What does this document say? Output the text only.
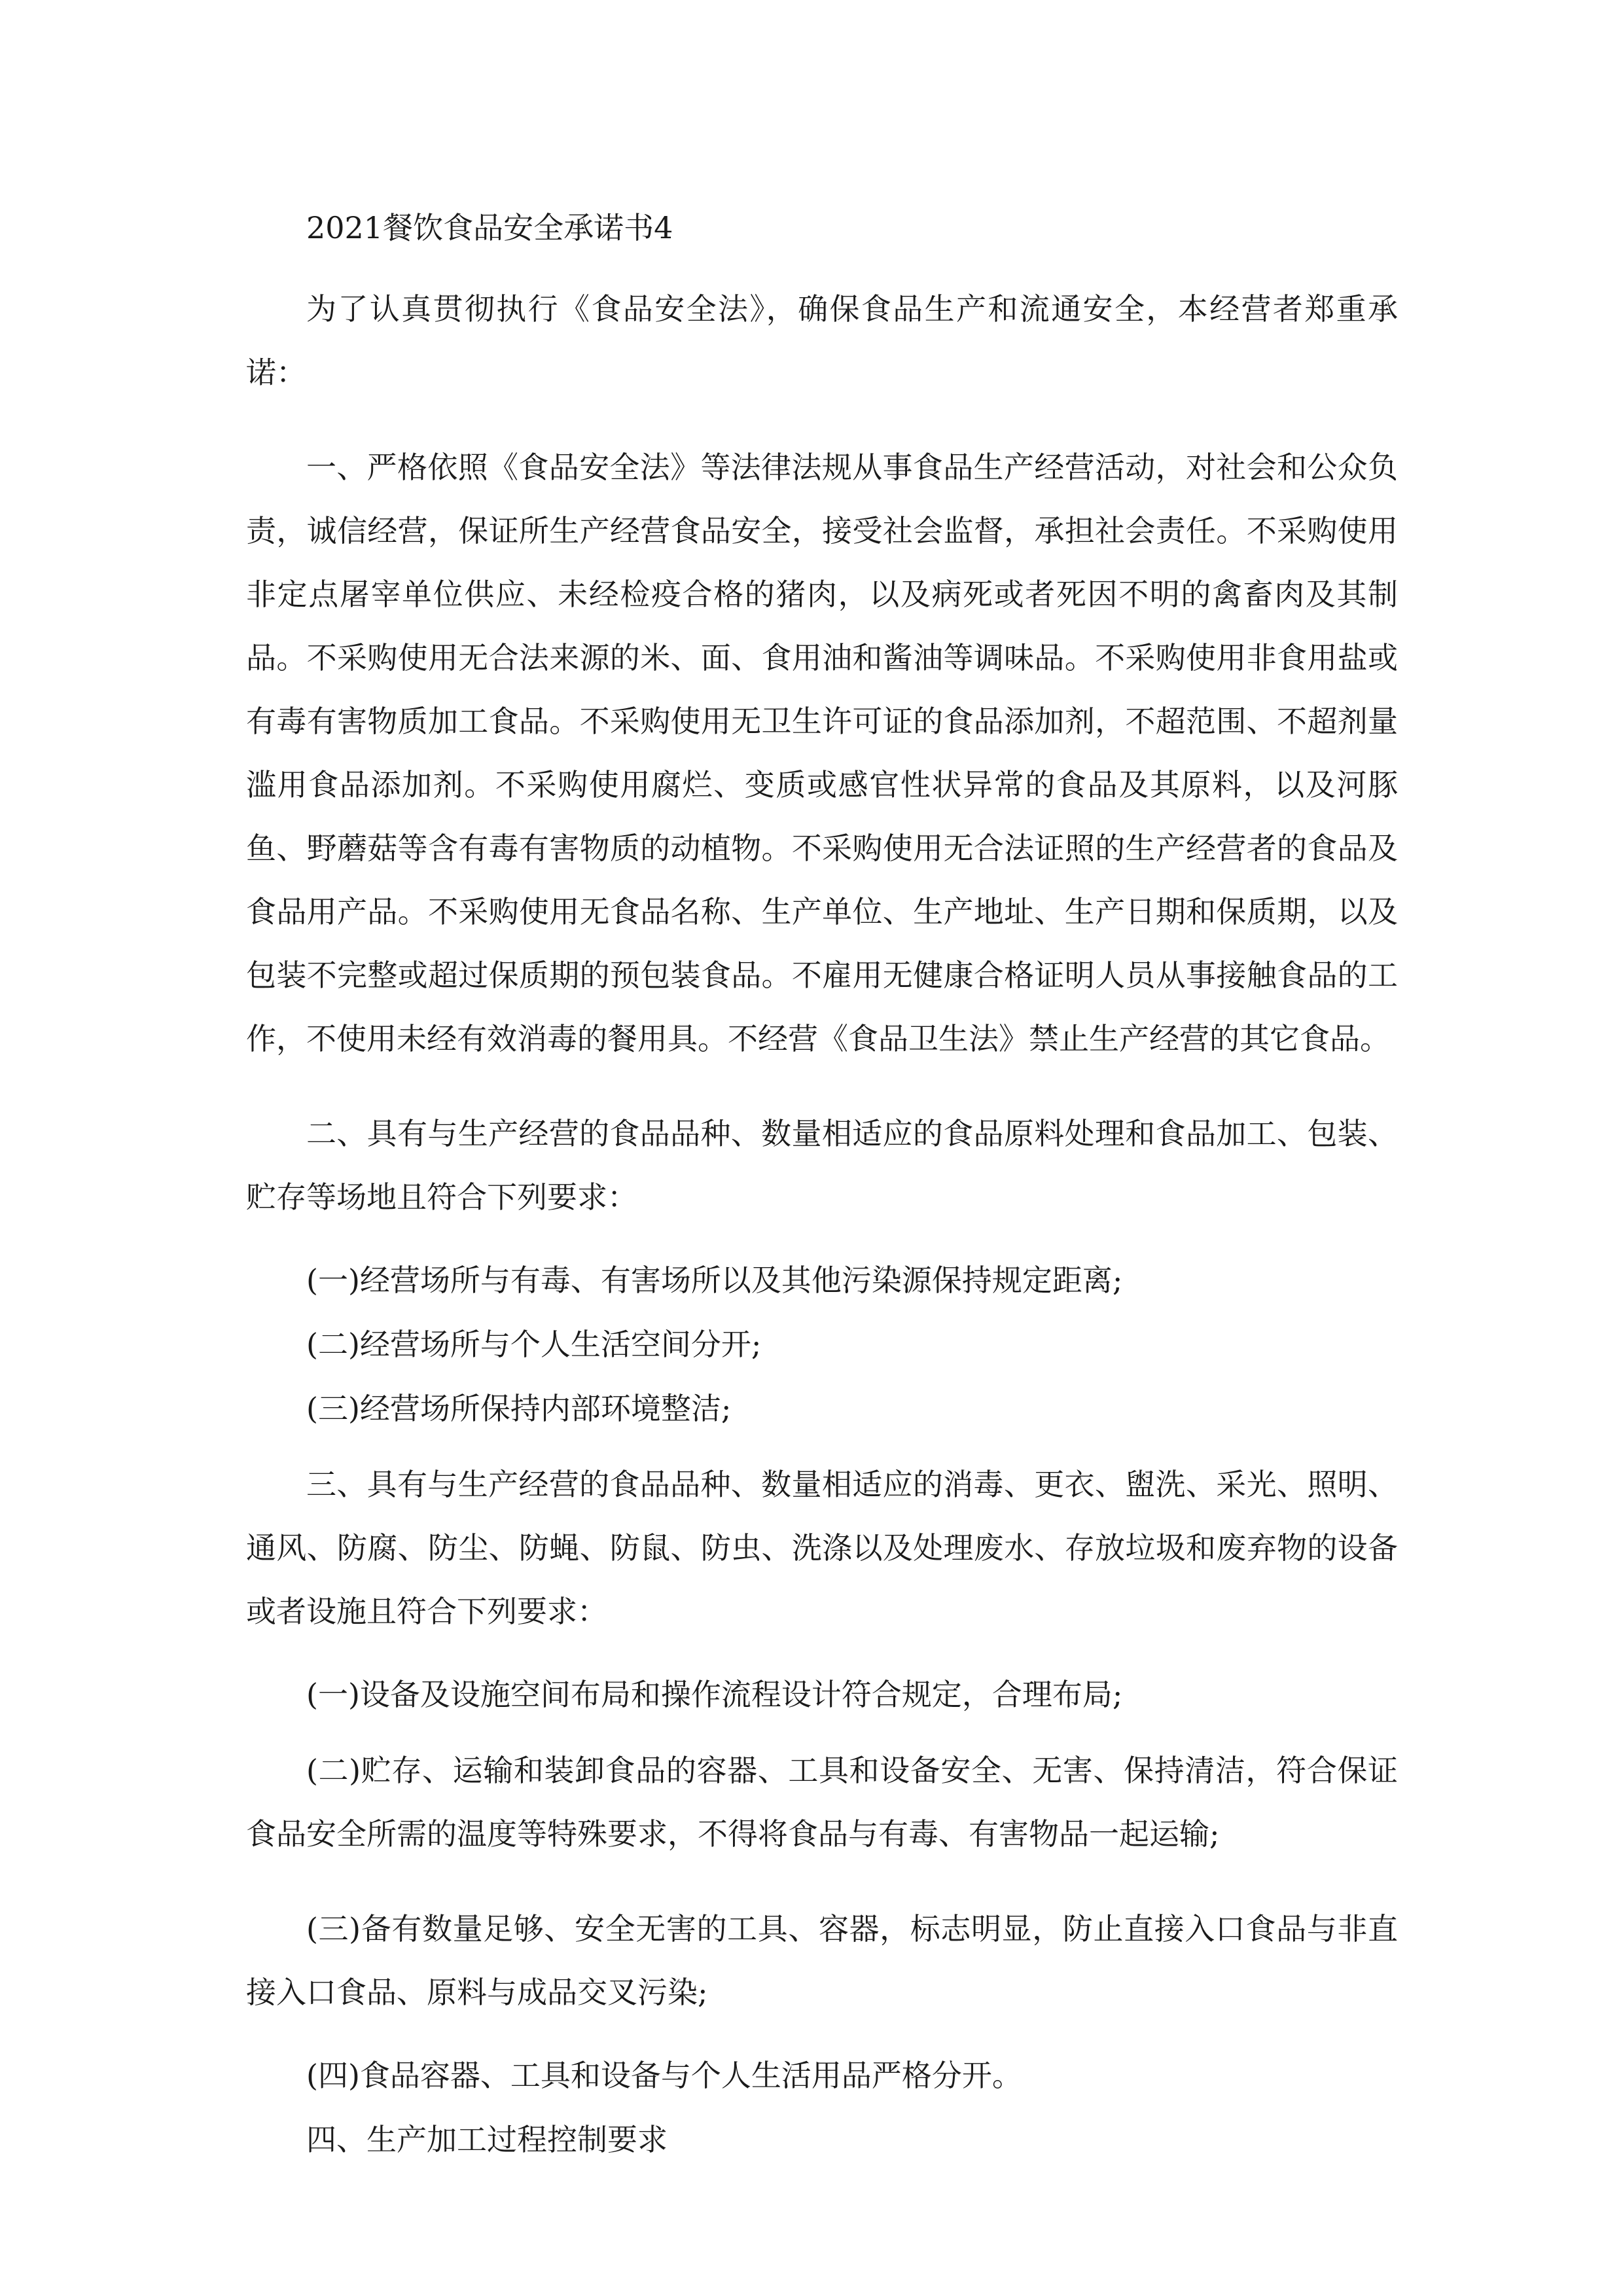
2021餐饮食品安全承诺书4

为了认真贯彻执行《食品安全法》，确保食品生产和流通安全，本经营者郑重承诺：

一、严格依照《食品安全法》等法律法规从事食品生产经营活动，对社会和公众负责，诚信经营，保证所生产经营食品安全，接受社会监督，承担社会责任。不采购使用非定点屠宰单位供应、未经检疫合格的猪肉，以及病死或者死因不明的禽畜肉及其制品。不采购使用无合法来源的米、面、食用油和酱油等调味品。不采购使用非食用盐或有毒有害物质加工食品。不采购使用无卫生许可证的食品添加剂，不超范围、不超剂量滥用食品添加剂。不采购使用腐烂、变质或感官性状异常的食品及其原料，以及河豚鱼、野蘑菇等含有毒有害物质的动植物。不采购使用无合法证照的生产经营者的食品及食品用产品。不采购使用无食品名称、生产单位、生产地址、生产日期和保质期，以及包装不完整或超过保质期的预包装食品。不雇用无健康合格证明人员从事接触食品的工作，不使用未经有效消毒的餐用具。不经营《食品卫生法》禁止生产经营的其它食品。

二、具有与生产经营的食品品种、数量相适应的食品原料处理和食品加工、包装、贮存等场地且符合下列要求：

(一)经营场所与有毒、有害场所以及其他污染源保持规定距离;

(二)经营场所与个人生活空间分开;

(三)经营场所保持内部环境整洁;

三、具有与生产经营的食品品种、数量相适应的消毒、更衣、盥洗、采光、照明、通风、防腐、防尘、防蝇、防鼠、防虫、洗涤以及处理废水、存放垃圾和废弃物的设备或者设施且符合下列要求：

(一)设备及设施空间布局和操作流程设计符合规定，合理布局;

(二)贮存、运输和装卸食品的容器、工具和设备安全、无害、保持清洁，符合保证食品安全所需的温度等特殊要求，不得将食品与有毒、有害物品一起运输;

(三)备有数量足够、安全无害的工具、容器，标志明显，防止直接入口食品与非直接入口食品、原料与成品交叉污染;

(四)食品容器、工具和设备与个人生活用品严格分开。

四、生产加工过程控制要求
